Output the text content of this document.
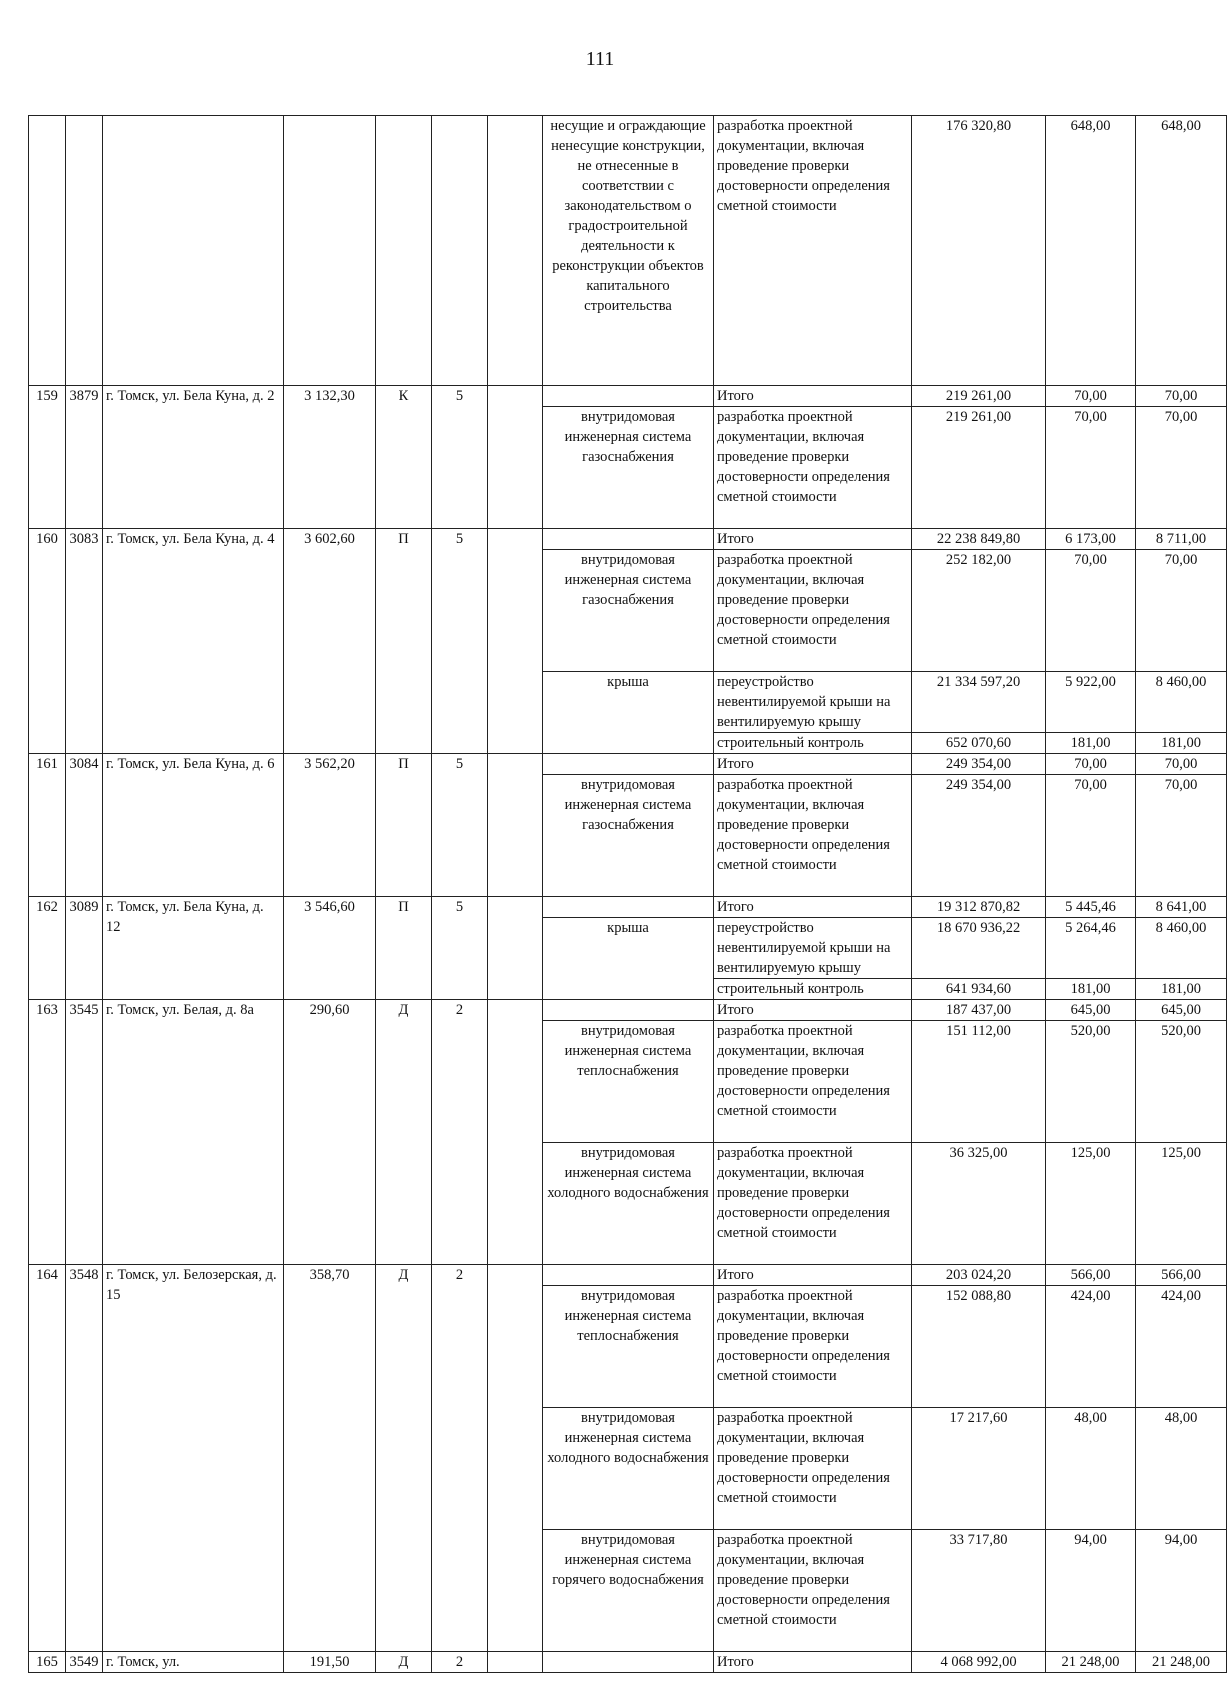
111
							несущие и ограждающие ненесущие конструкции, не отнесенные в соответствии с законодательством о градостроительной деятельности к реконструкции объектов капитального строительства	разработка проектной документации, включая проведение проверки достоверности определения сметной стоимости	176 320,80	648,00	648,00
159	3879	г. Томск, ул. Бела Куна, д. 2	3 132,30	К	5			Итого	219 261,00	70,00	70,00
							внутридомовая инженерная система газоснабжения	разработка проектной документации, включая проведение проверки достоверности определения сметной стоимости	219 261,00	70,00	70,00
160	3083	г. Томск, ул. Бела Куна, д. 4	3 602,60	П	5			Итого	22 238 849,80	6 173,00	8 711,00
							внутридомовая инженерная система газоснабжения	разработка проектной документации, включая проведение проверки достоверности определения сметной стоимости	252 182,00	70,00	70,00
							крыша	переустройство невентилируемой крыши на вентилируемую крышу	21 334 597,20	5 922,00	8 460,00
								строительный контроль	652 070,60	181,00	181,00
161	3084	г. Томск, ул. Бела Куна, д. 6	3 562,20	П	5			Итого	249 354,00	70,00	70,00
							внутридомовая инженерная система газоснабжения	разработка проектной документации, включая проведение проверки достоверности определения сметной стоимости	249 354,00	70,00	70,00
162	3089	г. Томск, ул. Бела Куна, д. 12	3 546,60	П	5			Итого	19 312 870,82	5 445,46	8 641,00
							крыша	переустройство невентилируемой крыши на вентилируемую крышу	18 670 936,22	5 264,46	8 460,00
								строительный контроль	641 934,60	181,00	181,00
163	3545	г. Томск, ул. Белая, д. 8а	290,60	Д	2			Итого	187 437,00	645,00	645,00
							внутридомовая инженерная система теплоснабжения	разработка проектной документации, включая проведение проверки достоверности определения сметной стоимости	151 112,00	520,00	520,00
							внутридомовая инженерная система холодного водоснабжения	разработка проектной документации, включая проведение проверки достоверности определения сметной стоимости	36 325,00	125,00	125,00
164	3548	г. Томск, ул. Белозерская, д. 15	358,70	Д	2			Итого	203 024,20	566,00	566,00
							внутридомовая инженерная система теплоснабжения	разработка проектной документации, включая проведение проверки достоверности определения сметной стоимости	152 088,80	424,00	424,00
							внутридомовая инженерная система холодного водоснабжения	разработка проектной документации, включая проведение проверки достоверности определения сметной стоимости	17 217,60	48,00	48,00
							внутридомовая инженерная система горячего водоснабжения	разработка проектной документации, включая проведение проверки достоверности определения сметной стоимости	33 717,80	94,00	94,00
165	3549	г. Томск, ул.	191,50	Д	2			Итого	4 068 992,00	21 248,00	21 248,00
